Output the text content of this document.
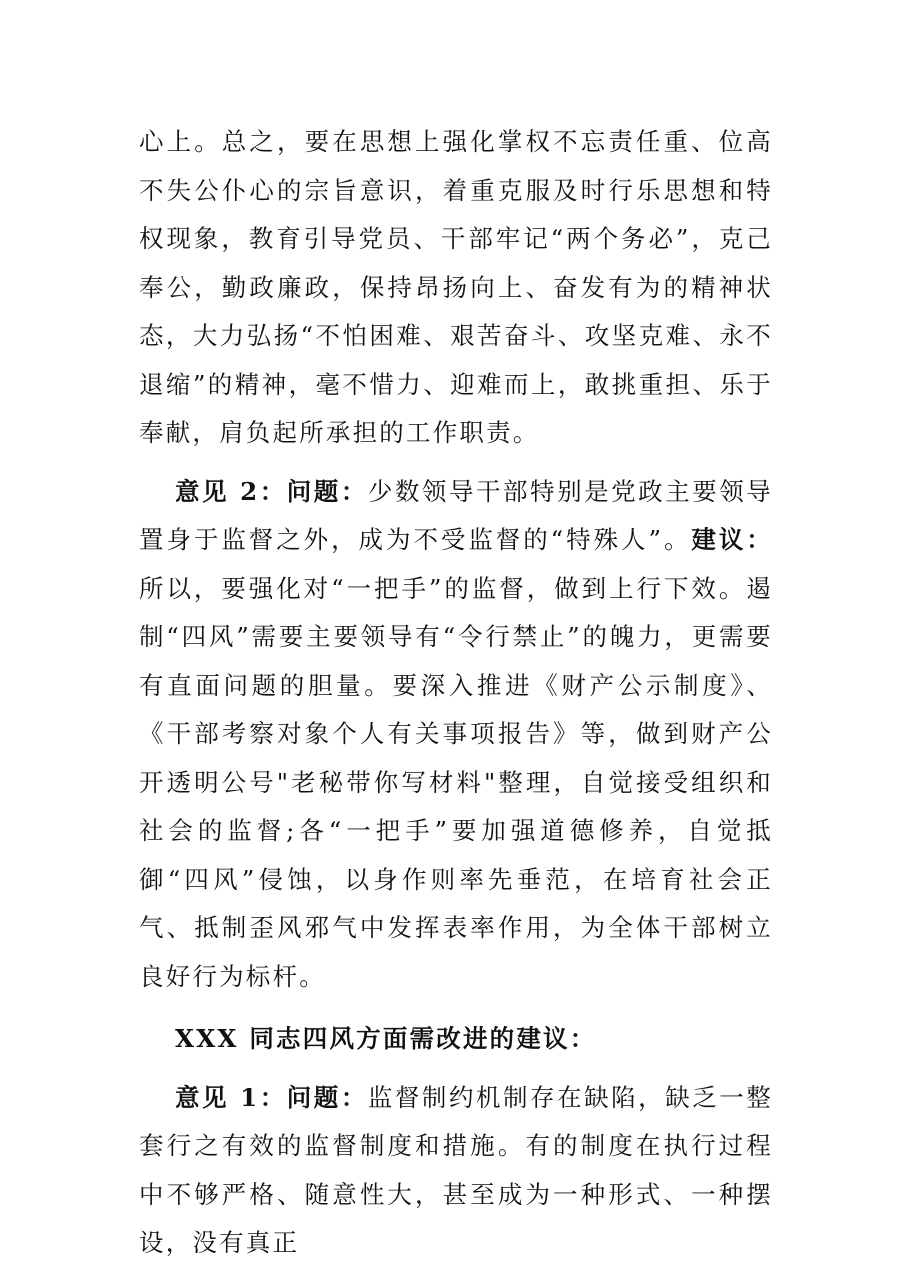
心上。总之，要在思想上强化掌权不忘责任重、位高不失公仆心的宗旨意识，着重克服及时行乐思想和特权现象，教育引导党员、干部牢记“两个务必”，克己奉公，勤政廉政，保持昂扬向上、奋发有为的精神状态，大力弘扬“不怕困难、艰苦奋斗、攻坚克难、永不退缩”的精神，毫不惜力、迎难而上，敢挑重担、乐于奉献，肩负起所承担的工作职责。

意见 2：问题：少数领导干部特别是党政主要领导置身于监督之外，成为不受监督的“特殊人”。建议：所以，要强化对“一把手”的监督，做到上行下效。遏制“四风”需要主要领导有“令行禁止”的魄力，更需要有直面问题的胆量。要深入推进《财产公示制度》、《干部考察对象个人有关事项报告》等，做到财产公开透明公号"老秘带你写材料"整理，自觉接受组织和社会的监督;各“一把手”要加强道德修养，自觉抵御“四风”侵蚀，以身作则率先垂范，在培育社会正气、抵制歪风邪气中发挥表率作用，为全体干部树立良好行为标杆。

XXX 同志四风方面需改进的建议：

意见 1：问题：监督制约机制存在缺陷，缺乏一整套行之有效的监督制度和措施。有的制度在执行过程中不够严格、随意性大，甚至成为一种形式、一种摆设，没有真正
